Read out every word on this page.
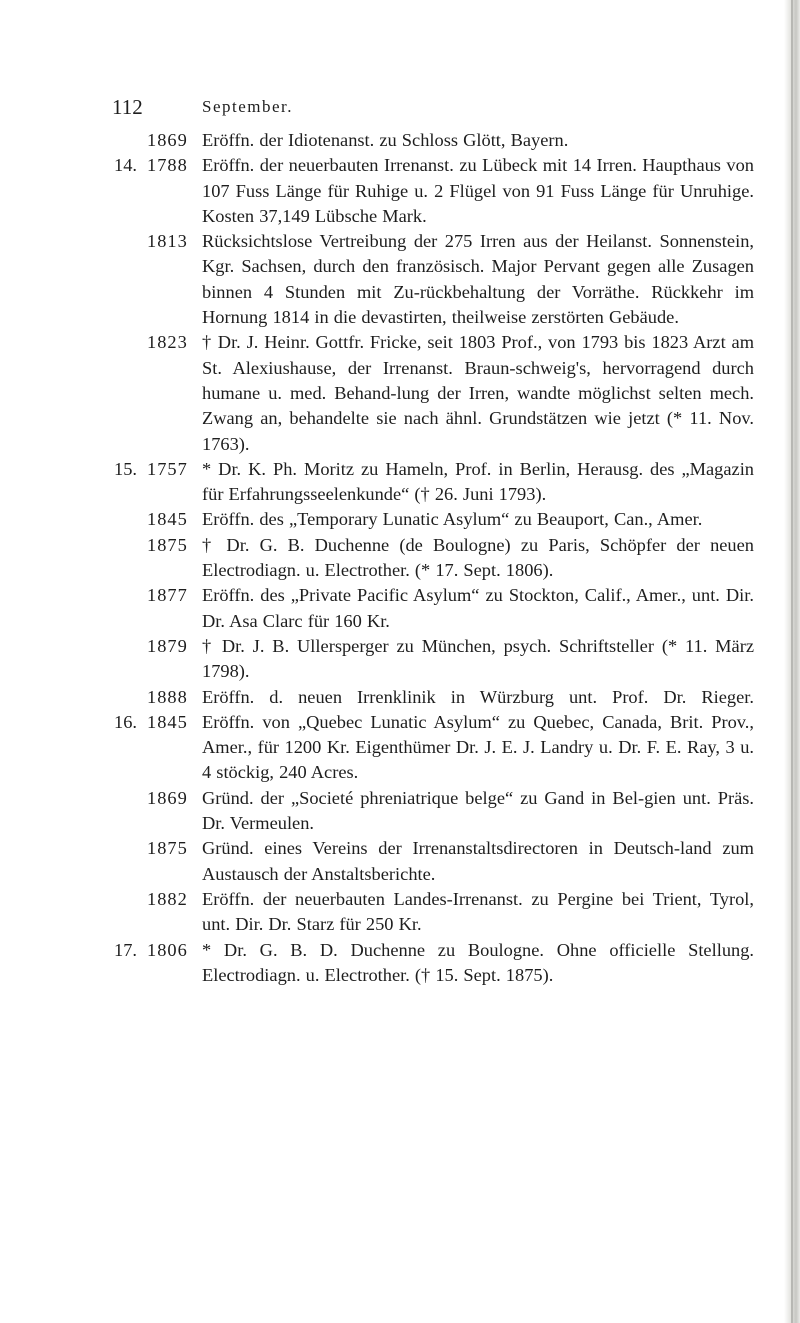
112	September.
1869 Eröffn. der Idiotenanst. zu Schloss Glött, Bayern.
14. 1788 Eröffn. der neuerbauten Irrenanst. zu Lübeck mit 14 Irren. Haupthaus von 107 Fuss Länge für Ruhige u. 2 Flügel von 91 Fuss Länge für Unruhige. Kosten 37,149 Lübsche Mark.
1813 Rücksichtslose Vertreibung der 275 Irren aus der Heilanst. Sonnenstein, Kgr. Sachsen, durch den französisch. Major Pervant gegen alle Zusagen binnen 4 Stunden mit Zu-rückbehaltung der Vorräthe. Rückkehr im Hornung 1814 in die devastirten, theilweise zerstörten Gebäude.
1823 † Dr. J. Heinr. Gottfr. Fricke, seit 1803 Prof., von 1793 bis 1823 Arzt am St. Alexiushause, der Irrenanst. Braun-schweig's, hervorragend durch humane u. med. Behand-lung der Irren, wandte möglichst selten mech. Zwang an, behandelte sie nach ähnl. Grundstätzen wie jetzt (* 11. Nov. 1763).
15. 1757 * Dr. K. Ph. Moritz zu Hameln, Prof. in Berlin, Herausg. des „Magazin für Erfahrungsseelenkunde“ († 26. Juni 1793).
1845 Eröffn. des „Temporary Lunatic Asylum“ zu Beauport, Can., Amer.
1875 † Dr. G. B. Duchenne (de Boulogne) zu Paris, Schöpfer der neuen Electrodiagn. u. Electrother. (* 17. Sept. 1806).
1877 Eröffn. des „Private Pacific Asylum“ zu Stockton, Calif., Amer., unt. Dir. Dr. Asa Clarc für 160 Kr.
1879 † Dr. J. B. Ullersperger zu München, psych. Schriftsteller (* 11. März 1798).
1888 Eröffn. d. neuen Irrenklinik in Würzburg unt. Prof. Dr. Rieger.
16. 1845 Eröffn. von „Quebec Lunatic Asylum“ zu Quebec, Canada, Brit. Prov., Amer., für 1200 Kr. Eigenthümer Dr. J. E. J. Landry u. Dr. F. E. Ray, 3 u. 4 stöckig, 240 Acres.
1869 Gründ. der „Societé phreniatrique belge“ zu Gand in Bel-gien unt. Präs. Dr. Vermeulen.
1875 Gründ. eines Vereins der Irrenanstaltsdirectoren in Deutsch-land zum Austausch der Anstaltsberichte.
1882 Eröffn. der neuerbauten Landes-Irrenanst. zu Pergine bei Trient, Tyrol, unt. Dir. Dr. Starz für 250 Kr.
17. 1806 * Dr. G. B. D. Duchenne zu Boulogne. Ohne officielle Stellung. Electrodiagn. u. Electrother. († 15. Sept. 1875).
